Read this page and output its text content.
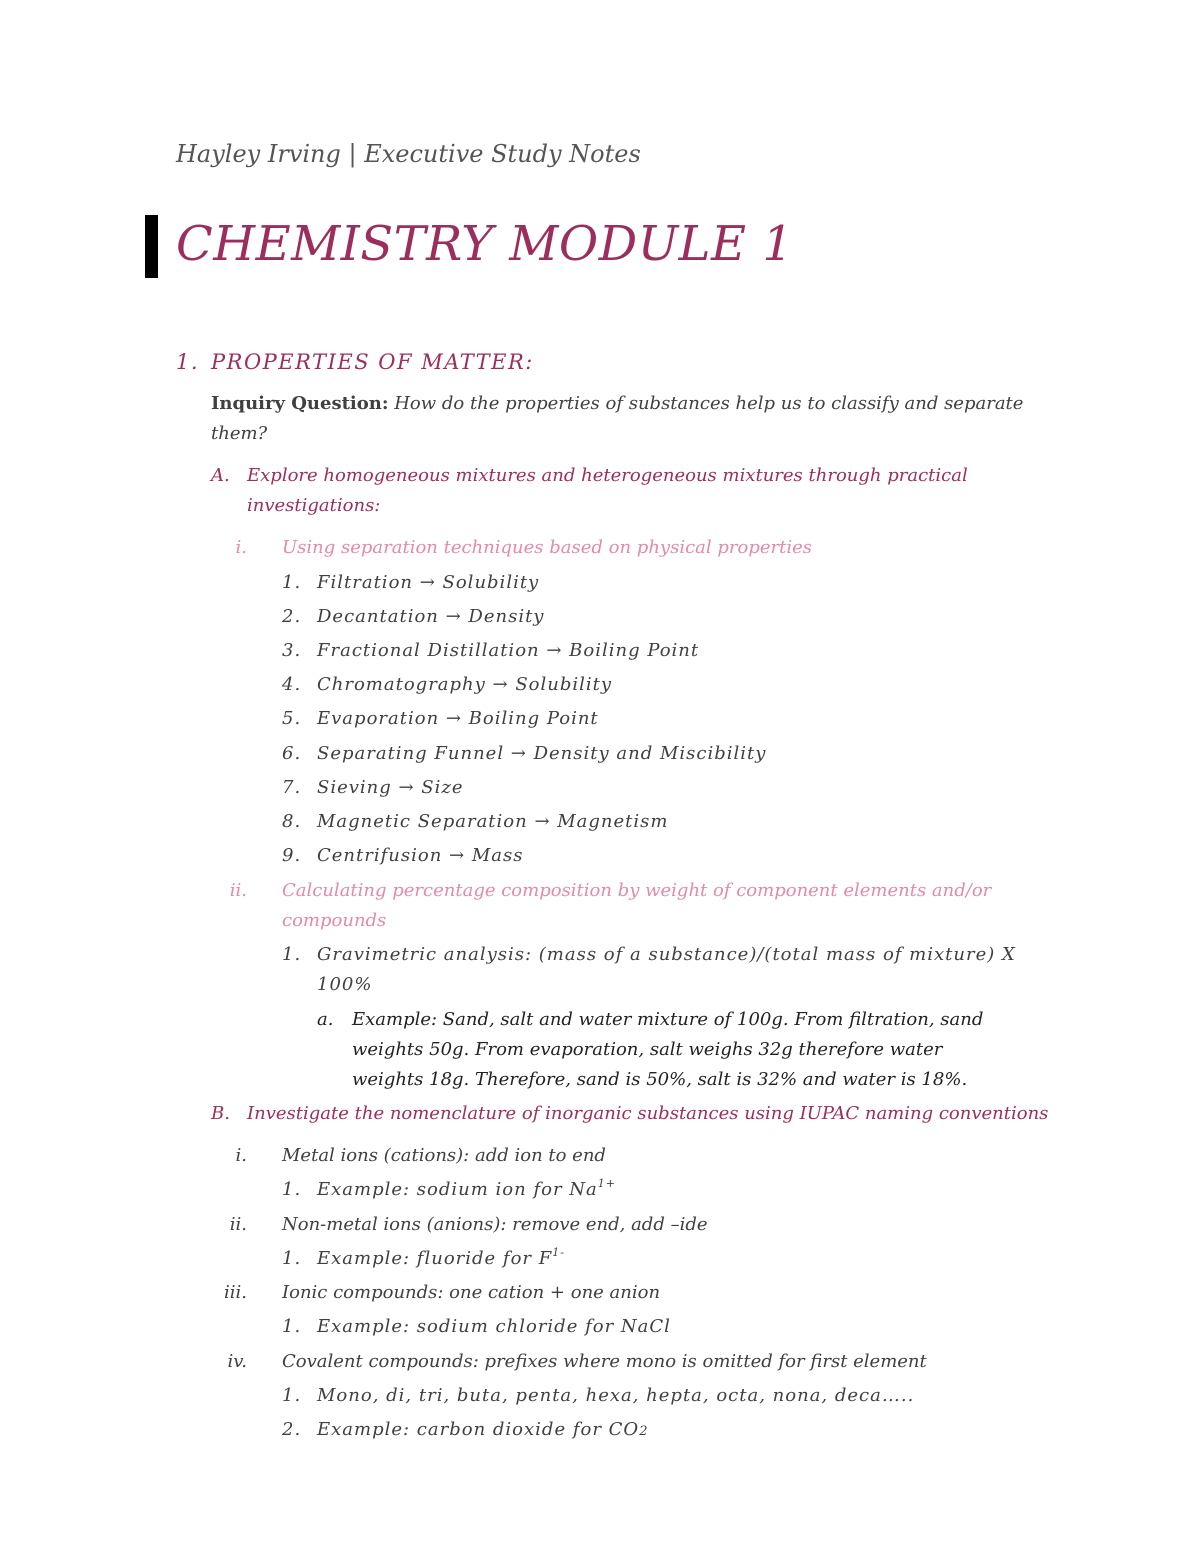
Hayley Irving | Executive Study Notes
CHEMISTRY MODULE 1
1. PROPERTIES OF MATTER:
Inquiry Question: How do the properties of substances help us to classify and separate
them?
A. Explore homogeneous mixtures and heterogeneous mixtures through practical
investigations:
i. Using separation techniques based on physical properties
1. Filtration → Solubility
2. Decantation → Density
3. Fractional Distillation → Boiling Point
4. Chromatography → Solubility
5. Evaporation → Boiling Point
6. Separating Funnel → Density and Miscibility
7. Sieving → Size
8. Magnetic Separation → Magnetism
9. Centrifusion → Mass
ii. Calculating percentage composition by weight of component elements and/or
compounds
1. Gravimetric analysis: (mass of a substance)/(total mass of mixture) X
100%
a. Example: Sand, salt and water mixture of 100g. From filtration, sand
weights 50g. From evaporation, salt weighs 32g therefore water
weights 18g. Therefore, sand is 50%, salt is 32% and water is 18%.
B. Investigate the nomenclature of inorganic substances using IUPAC naming conventions
i. Metal ions (cations): add ion to end
1. Example: sodium ion for $Na^{1+}$
ii. Non-metal ions (anions): remove end, add –ide
1. Example: fluoride for $F^{1-}$
iii. Ionic compounds: one cation + one anion
1. Example: sodium chloride for NaCl
iv. Covalent compounds: prefixes where mono is omitted for first element
1. Mono, di, tri, buta, penta, hexa, hepta, octa, nona, deca…..
2. Example: carbon dioxide for CO2
